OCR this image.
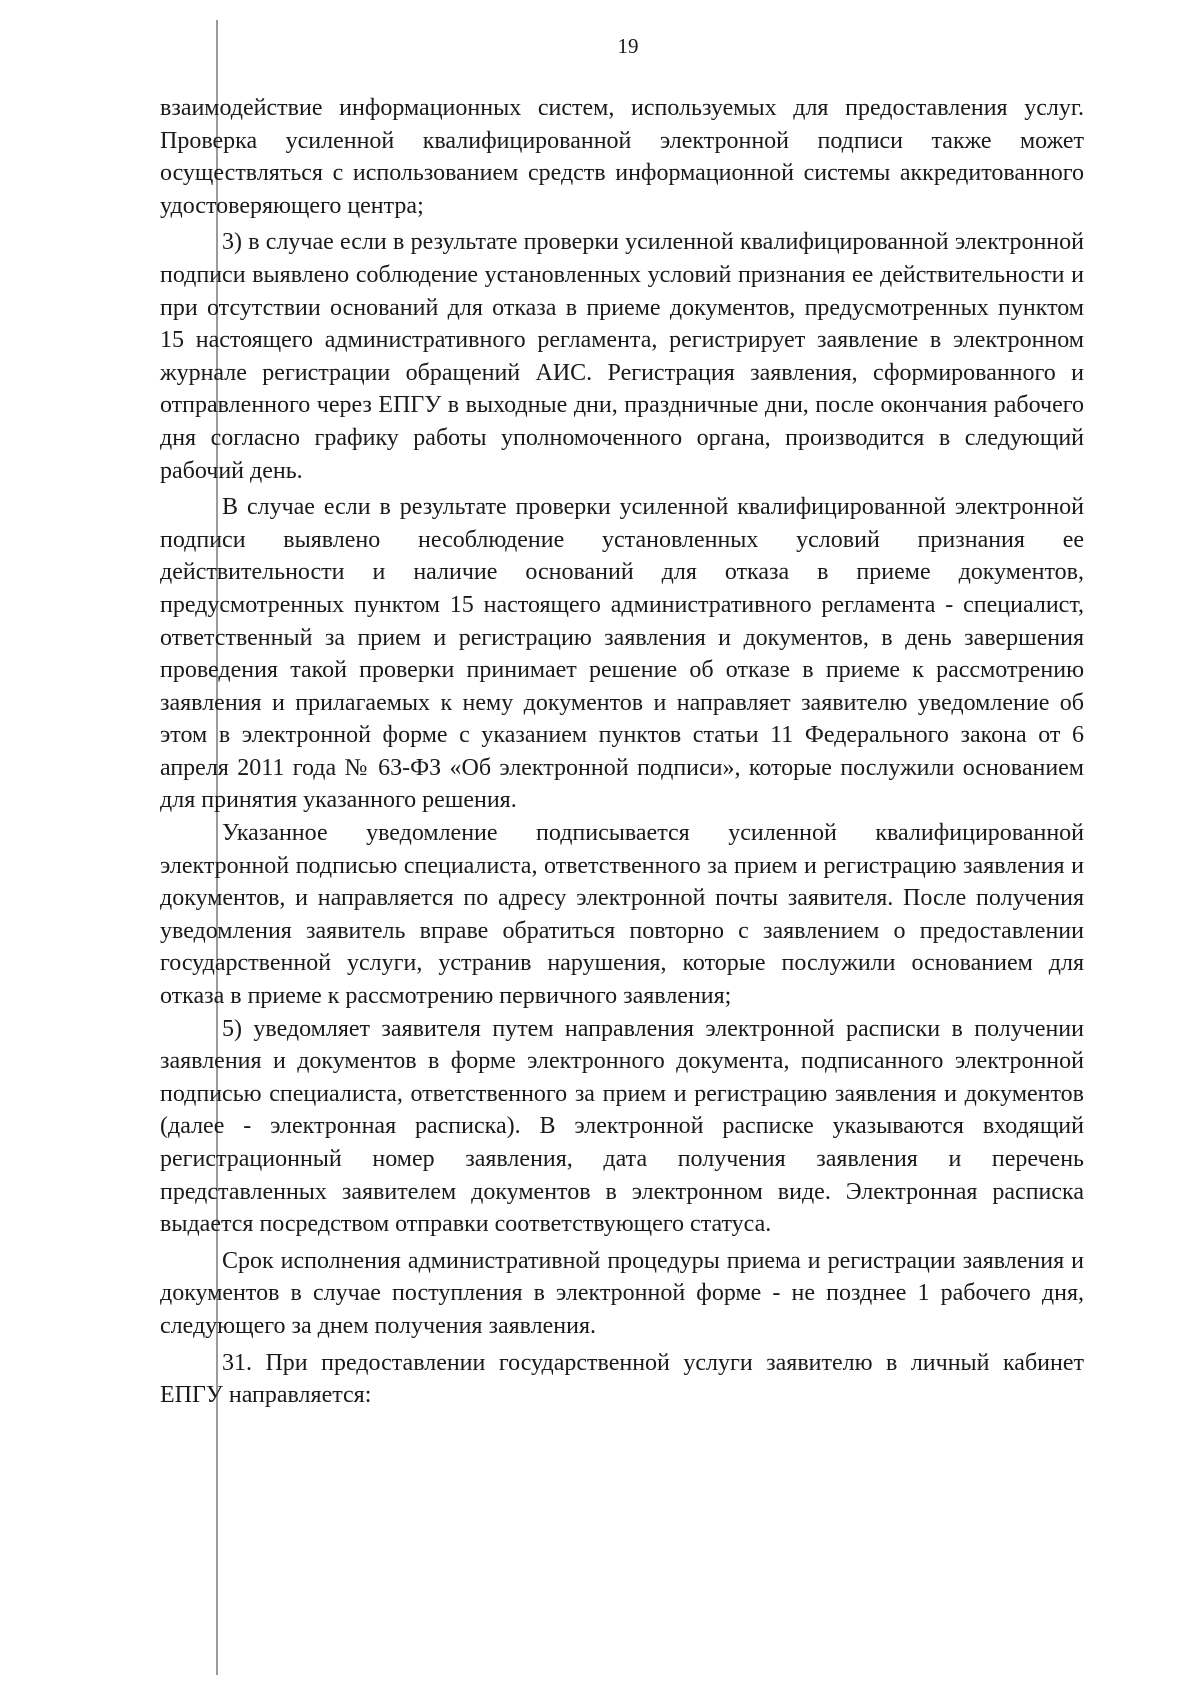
19

взаимодействие информационных систем, используемых для предоставления услуг. Проверка усиленной квалифицированной электронной подписи также может осуществляться с использованием средств информационной системы аккредитованного удостоверяющего центра;

3) в случае если в результате проверки усиленной квалифицированной электронной подписи выявлено соблюдение установленных условий признания ее действительности и при отсутствии оснований для отказа в приеме документов, предусмотренных пунктом 15 настоящего административного регламента, регистрирует заявление в электронном журнале регистрации обращений АИС. Регистрация заявления, сформированного и отправленного через ЕПГУ в выходные дни, праздничные дни, после окончания рабочего дня согласно графику работы уполномоченного органа, производится в следующий рабочий день.

В случае если в результате проверки усиленной квалифицированной электронной подписи выявлено несоблюдение установленных условий признания ее действительности и наличие оснований для отказа в приеме документов, предусмотренных пунктом 15 настоящего административного регламента - специалист, ответственный за прием и регистрацию заявления и документов, в день завершения проведения такой проверки принимает решение об отказе в приеме к рассмотрению заявления и прилагаемых к нему документов и направляет заявителю уведомление об этом в электронной форме с указанием пунктов статьи 11 Федерального закона от 6 апреля 2011 года № 63-ФЗ «Об электронной подписи», которые послужили основанием для принятия указанного решения.

Указанное уведомление подписывается усиленной квалифицированной электронной подписью специалиста, ответственного за прием и регистрацию заявления и документов, и направляется по адресу электронной почты заявителя. После получения уведомления заявитель вправе обратиться повторно с заявлением о предоставлении государственной услуги, устранив нарушения, которые послужили основанием для отказа в приеме к рассмотрению первичного заявления;

5) уведомляет заявителя путем направления электронной расписки в получении заявления и документов в форме электронного документа, подписанного электронной подписью специалиста, ответственного за прием и регистрацию заявления и документов (далее - электронная расписка). В электронной расписке указываются входящий регистрационный номер заявления, дата получения заявления и перечень представленных заявителем документов в электронном виде. Электронная расписка выдается посредством отправки соответствующего статуса.

Срок исполнения административной процедуры приема и регистрации заявления и документов в случае поступления в электронной форме - не позднее 1 рабочего дня, следующего за днем получения заявления.

31. При предоставлении государственной услуги заявителю в личный кабинет ЕПГУ направляется:
